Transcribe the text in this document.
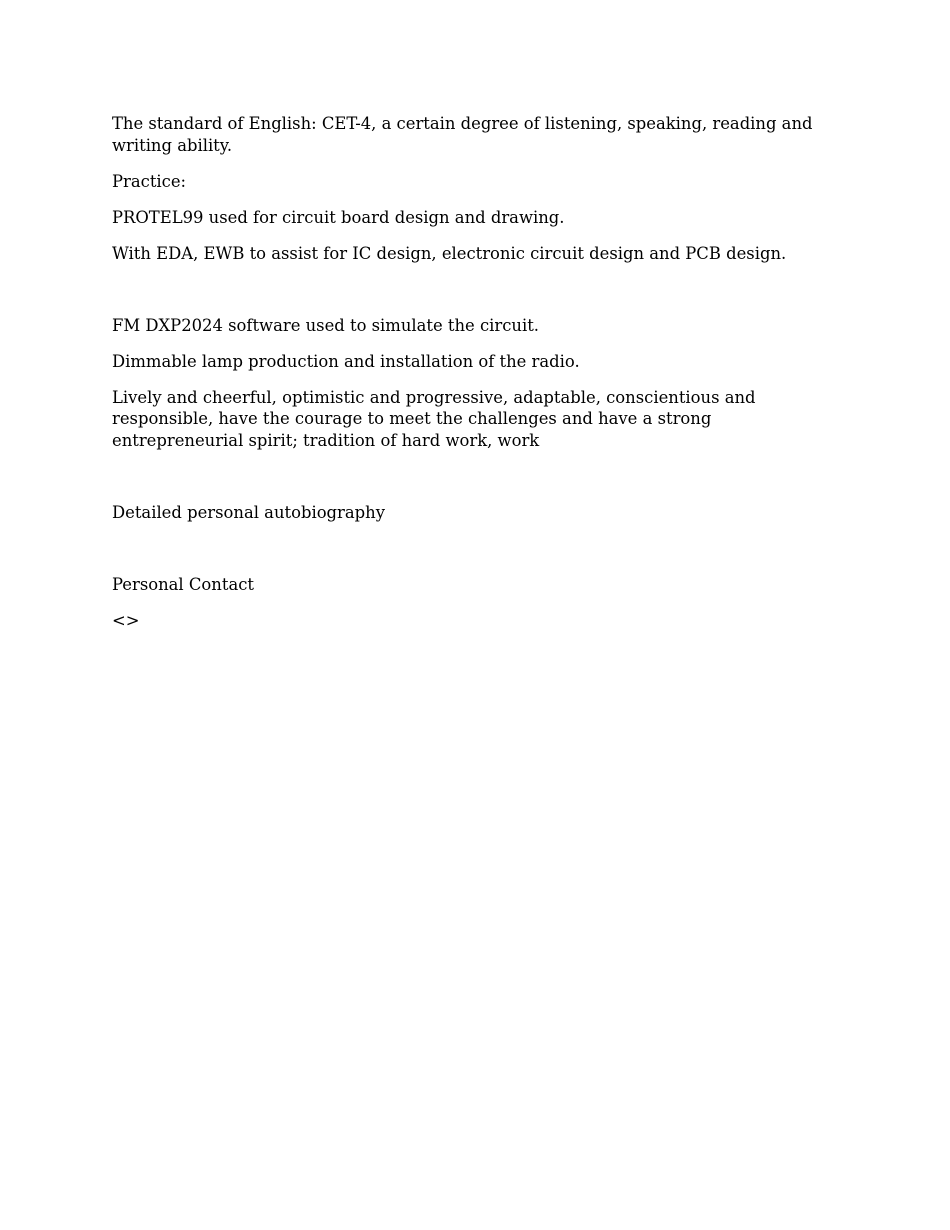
The standard of English: CET-4, a certain degree of listening, speaking, reading and writing ability.

Practice:

PROTEL99 used for circuit board design and drawing.

With EDA, EWB to assist for IC design, electronic circuit design and PCB design.

FM DXP2024 software used to simulate the circuit.

Dimmable lamp production and installation of the radio.

Lively and cheerful, optimistic and progressive, adaptable, conscientious and responsible, have the courage to meet the challenges and have a strong entrepreneurial spirit; tradition of hard work, work

Detailed personal autobiography

Personal Contact

<>
